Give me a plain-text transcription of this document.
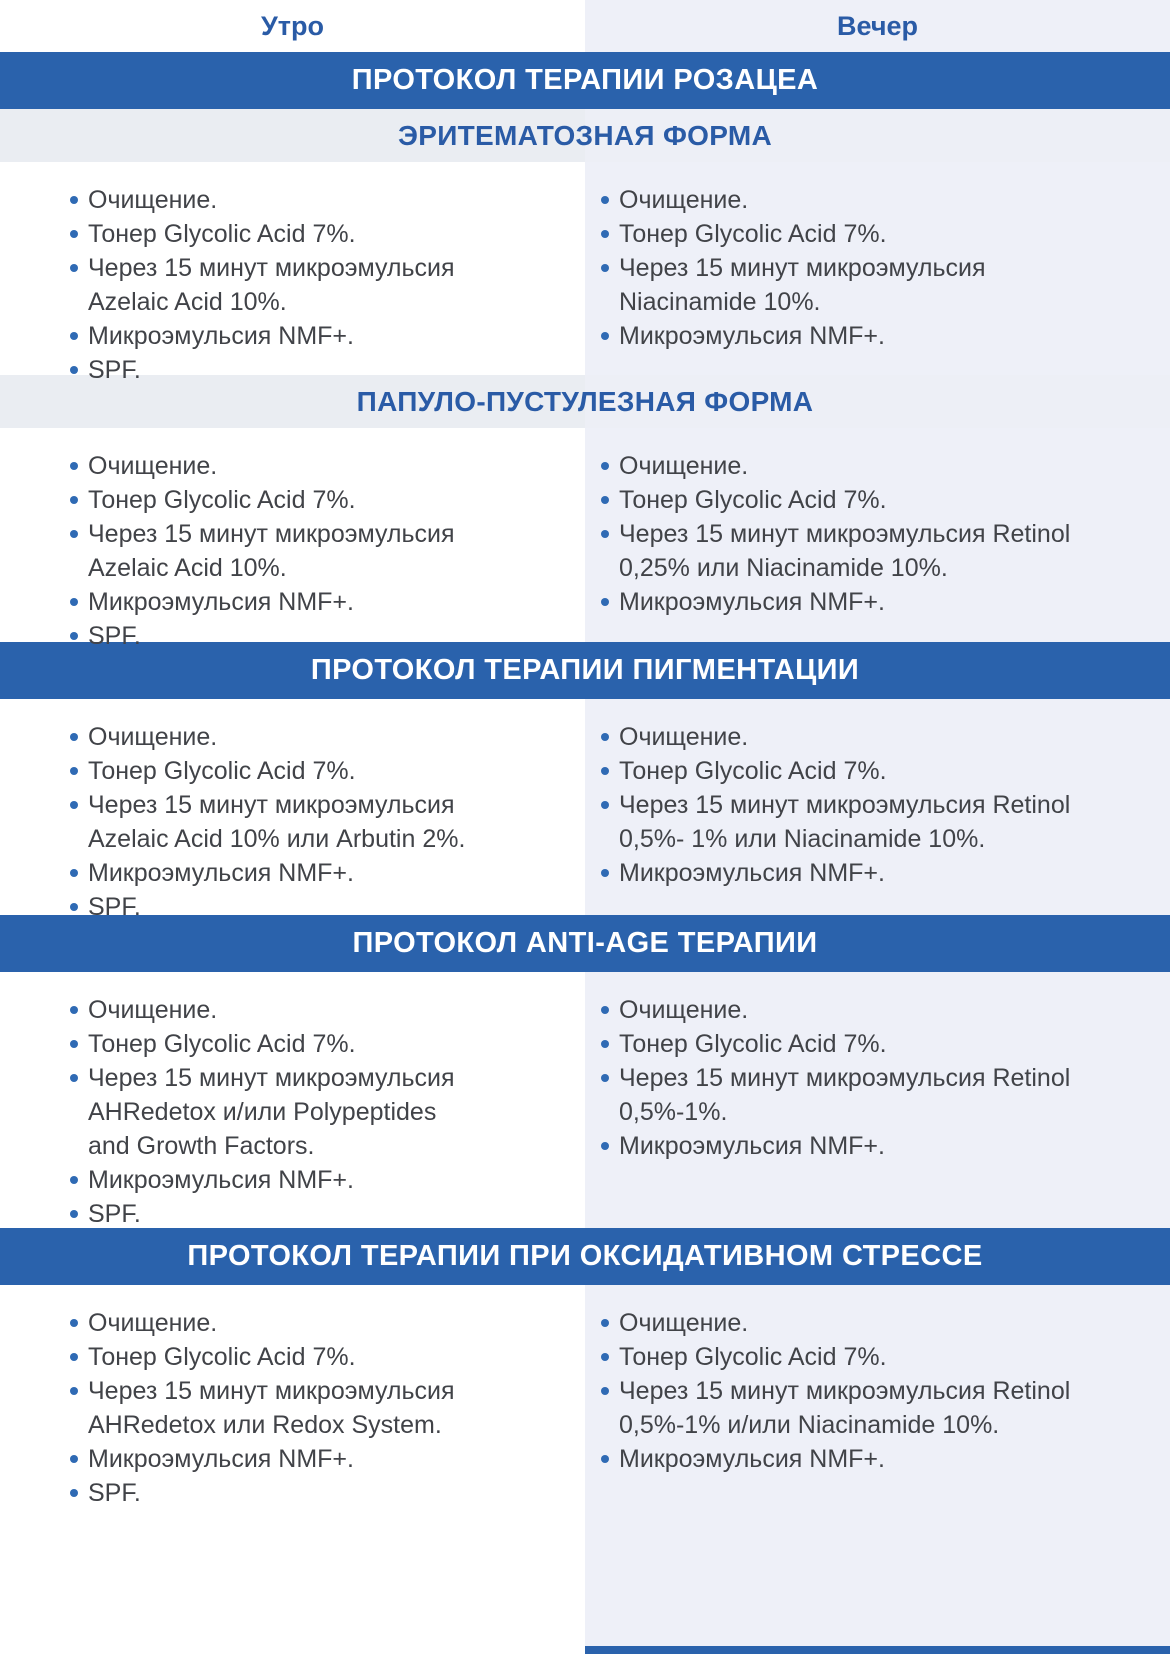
Утро	Вечер
ПРОТОКОЛ ТЕРАПИИ РОЗАЦЕА
ЭРИТЕМАТОЗНАЯ ФОРМА
Очищение.
Тонер Glycolic Acid 7%.
Через 15 минут микроэмульсия Azelaic Acid 10%.
Микроэмульсия NMF+.
SPF.
Очищение.
Тонер Glycolic Acid 7%.
Через 15 минут микроэмульсия Niacinamide 10%.
Микроэмульсия NMF+.
ПАПУЛО-ПУСТУЛЕЗНАЯ ФОРМА
Очищение.
Тонер Glycolic Acid 7%.
Через 15 минут микроэмульсия Azelaic Acid 10%.
Микроэмульсия NMF+.
SPF.
Очищение.
Тонер Glycolic Acid 7%.
Через 15 минут микроэмульсия Retinol 0,25% или Niacinamide 10%.
Микроэмульсия NMF+.
ПРОТОКОЛ ТЕРАПИИ ПИГМЕНТАЦИИ
Очищение.
Тонер Glycolic Acid 7%.
Через 15 минут микроэмульсия Azelaic Acid 10% или Arbutin 2%.
Микроэмульсия NMF+.
SPF.
Очищение.
Тонер Glycolic Acid 7%.
Через 15 минут микроэмульсия Retinol 0,5%- 1% или Niacinamide 10%.
Микроэмульсия NMF+.
ПРОТОКОЛ ANTI-AGE ТЕРАПИИ
Очищение.
Тонер Glycolic Acid 7%.
Через 15 минут микроэмульсия AHRedetox и/или Polypeptides and Growth Factors.
Микроэмульсия NMF+.
SPF.
Очищение.
Тонер Glycolic Acid 7%.
Через 15 минут микроэмульсия Retinol 0,5%-1%.
Микроэмульсия NMF+.
ПРОТОКОЛ ТЕРАПИИ ПРИ ОКСИДАТИВНОМ СТРЕССЕ
Очищение.
Тонер Glycolic Acid 7%.
Через 15 минут микроэмульсия AHRedetox или Redox System.
Микроэмульсия NMF+.
SPF.
Очищение.
Тонер Glycolic Acid 7%.
Через 15 минут микроэмульсия Retinol 0,5%-1% и/или Niacinamide 10%.
Микроэмульсия NMF+.
